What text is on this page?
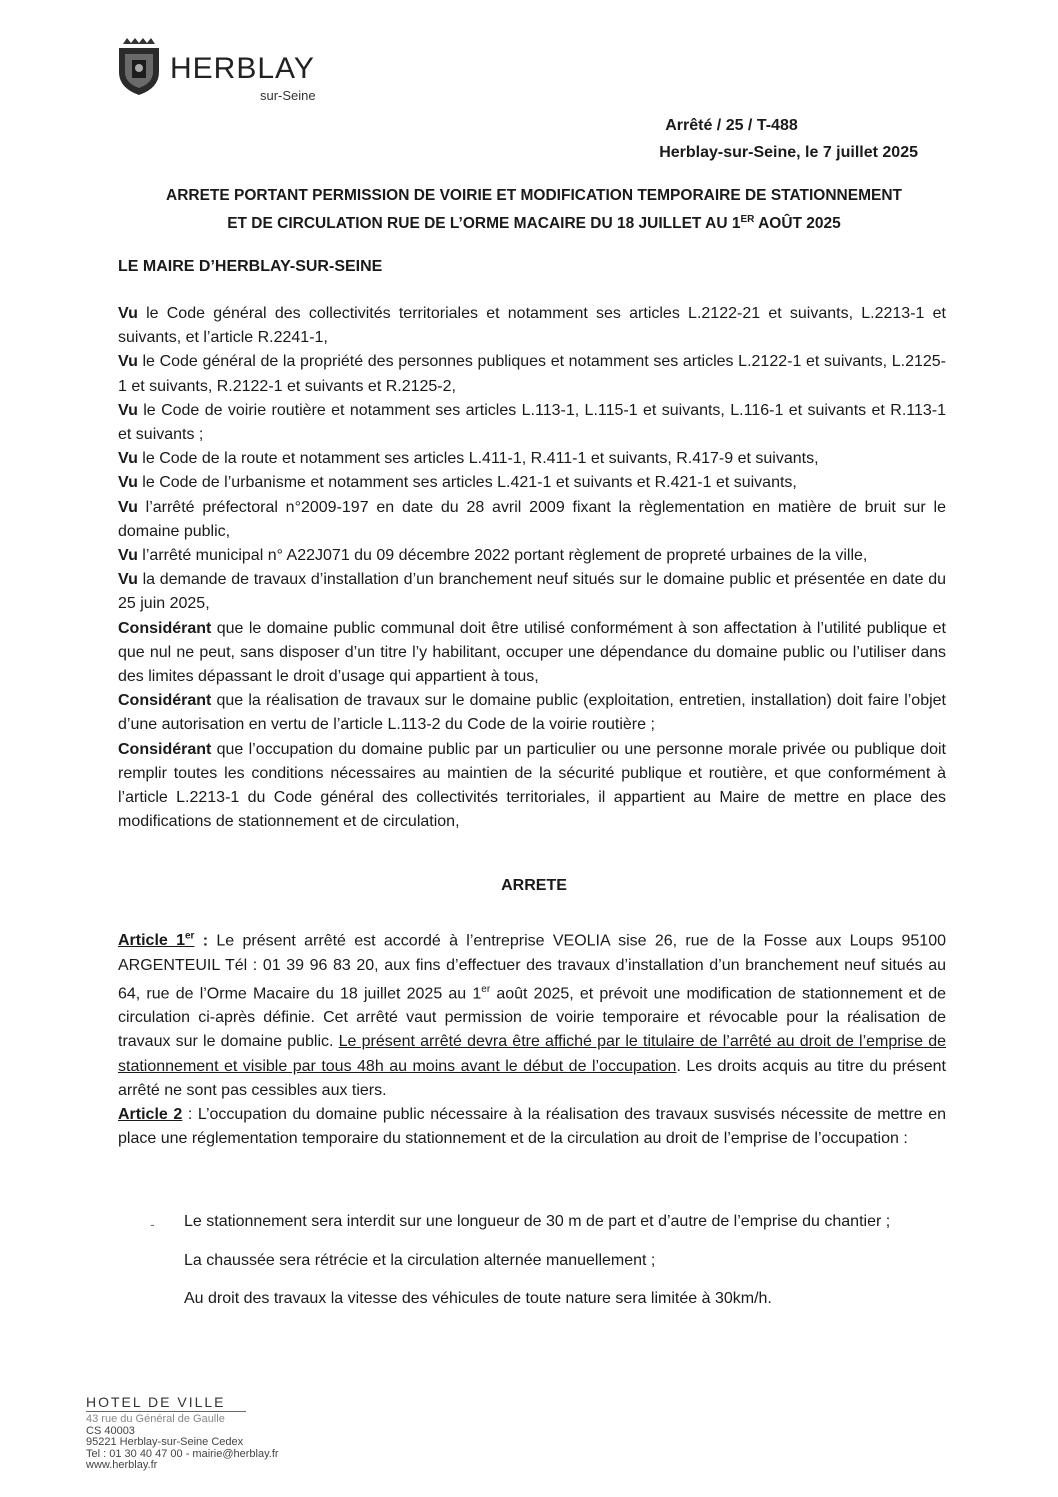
HERBLAY
sur-Seine
Arrêté / 25 / T-488
Herblay-sur-Seine, le 7 juillet 2025
ARRETE PORTANT PERMISSION DE VOIRIE ET MODIFICATION TEMPORAIRE DE STATIONNEMENT
ET DE CIRCULATION RUE DE L’ORME MACAIRE DU 18 JUILLET AU 1ER AOÛT 2025
LE MAIRE D’HERBLAY-SUR-SEINE

Vu le Code général des collectivités territoriales et notamment ses articles L.2122-21 et suivants, L.2213-1 et suivants, et l’article R.2241-1,

Vu le Code général de la propriété des personnes publiques et notamment ses articles L.2122-1 et suivants, L.2125-1 et suivants, R.2122-1 et suivants et R.2125-2,

Vu le Code de voirie routière et notamment ses articles L.113-1, L.115-1 et suivants, L.116-1 et suivants et R.113-1 et suivants ;

Vu le Code de la route et notamment ses articles L.411-1, R.411-1 et suivants, R.417-9 et suivants,

Vu le Code de l’urbanisme et notamment ses articles L.421-1 et suivants et R.421-1 et suivants,

Vu l’arrêté préfectoral n°2009-197 en date du 28 avril 2009 fixant la règlementation en matière de bruit sur le domaine public,

Vu l’arrêté municipal n° A22J071 du 09 décembre 2022 portant règlement de propreté urbaines de la ville,

Vu la demande de travaux d’installation d’un branchement neuf situés sur le domaine public et présentée en date du 25 juin 2025,

Considérant que le domaine public communal doit être utilisé conformément à son affectation à l’utilité publique et que nul ne peut, sans disposer d’un titre l’y habilitant, occuper une dépendance du domaine public ou l’utiliser dans des limites dépassant le droit d’usage qui appartient à tous,

Considérant que la réalisation de travaux sur le domaine public (exploitation, entretien, installation) doit faire l’objet d’une autorisation en vertu de l’article L.113-2 du Code de la voirie routière ;

Considérant que l’occupation du domaine public par un particulier ou une personne morale privée ou publique doit remplir toutes les conditions nécessaires au maintien de la sécurité publique et routière, et que conformément à l’article L.2213-1 du Code général des collectivités territoriales, il appartient au Maire de mettre en place des modifications de stationnement et de circulation,

ARRETE

Article 1er : Le présent arrêté est accordé à l’entreprise VEOLIA sise 26, rue de la Fosse aux Loups 95100 ARGENTEUIL Tél : 01 39 96 83 20, aux fins d’effectuer des travaux d’installation d’un branchement neuf situés au 64, rue de l’Orme Macaire du 18 juillet 2025 au 1er août 2025, et prévoit une modification de stationnement et de circulation ci-après définie. Cet arrêté vaut permission de voirie temporaire et révocable pour la réalisation de travaux sur le domaine public. Le présent arrêté devra être affiché par le titulaire de l’arrêté au droit de l’emprise de stationnement et visible par tous 48h au moins avant le début de l’occupation. Les droits acquis au titre du présent arrêté ne sont pas cessibles aux tiers.

Article 2 : L’occupation du domaine public nécessaire à la réalisation des travaux susvisés nécessite de mettre en place une réglementation temporaire du stationnement et de la circulation au droit de l’emprise de l’occupation :

- Le stationnement sera interdit sur une longueur de 30 m de part et d’autre de l’emprise du chantier ;
La chaussée sera rétrécie et la circulation alternée manuellement ;
Au droit des travaux la vitesse des véhicules de toute nature sera limitée à 30km/h.
HOTEL DE VILLE
43 rue du Général de Gaulle
CS 40003
95221 Herblay-sur-Seine Cedex
Tel : 01 30 40 47 00 - mairie@herblay.fr
www.herblay.fr
